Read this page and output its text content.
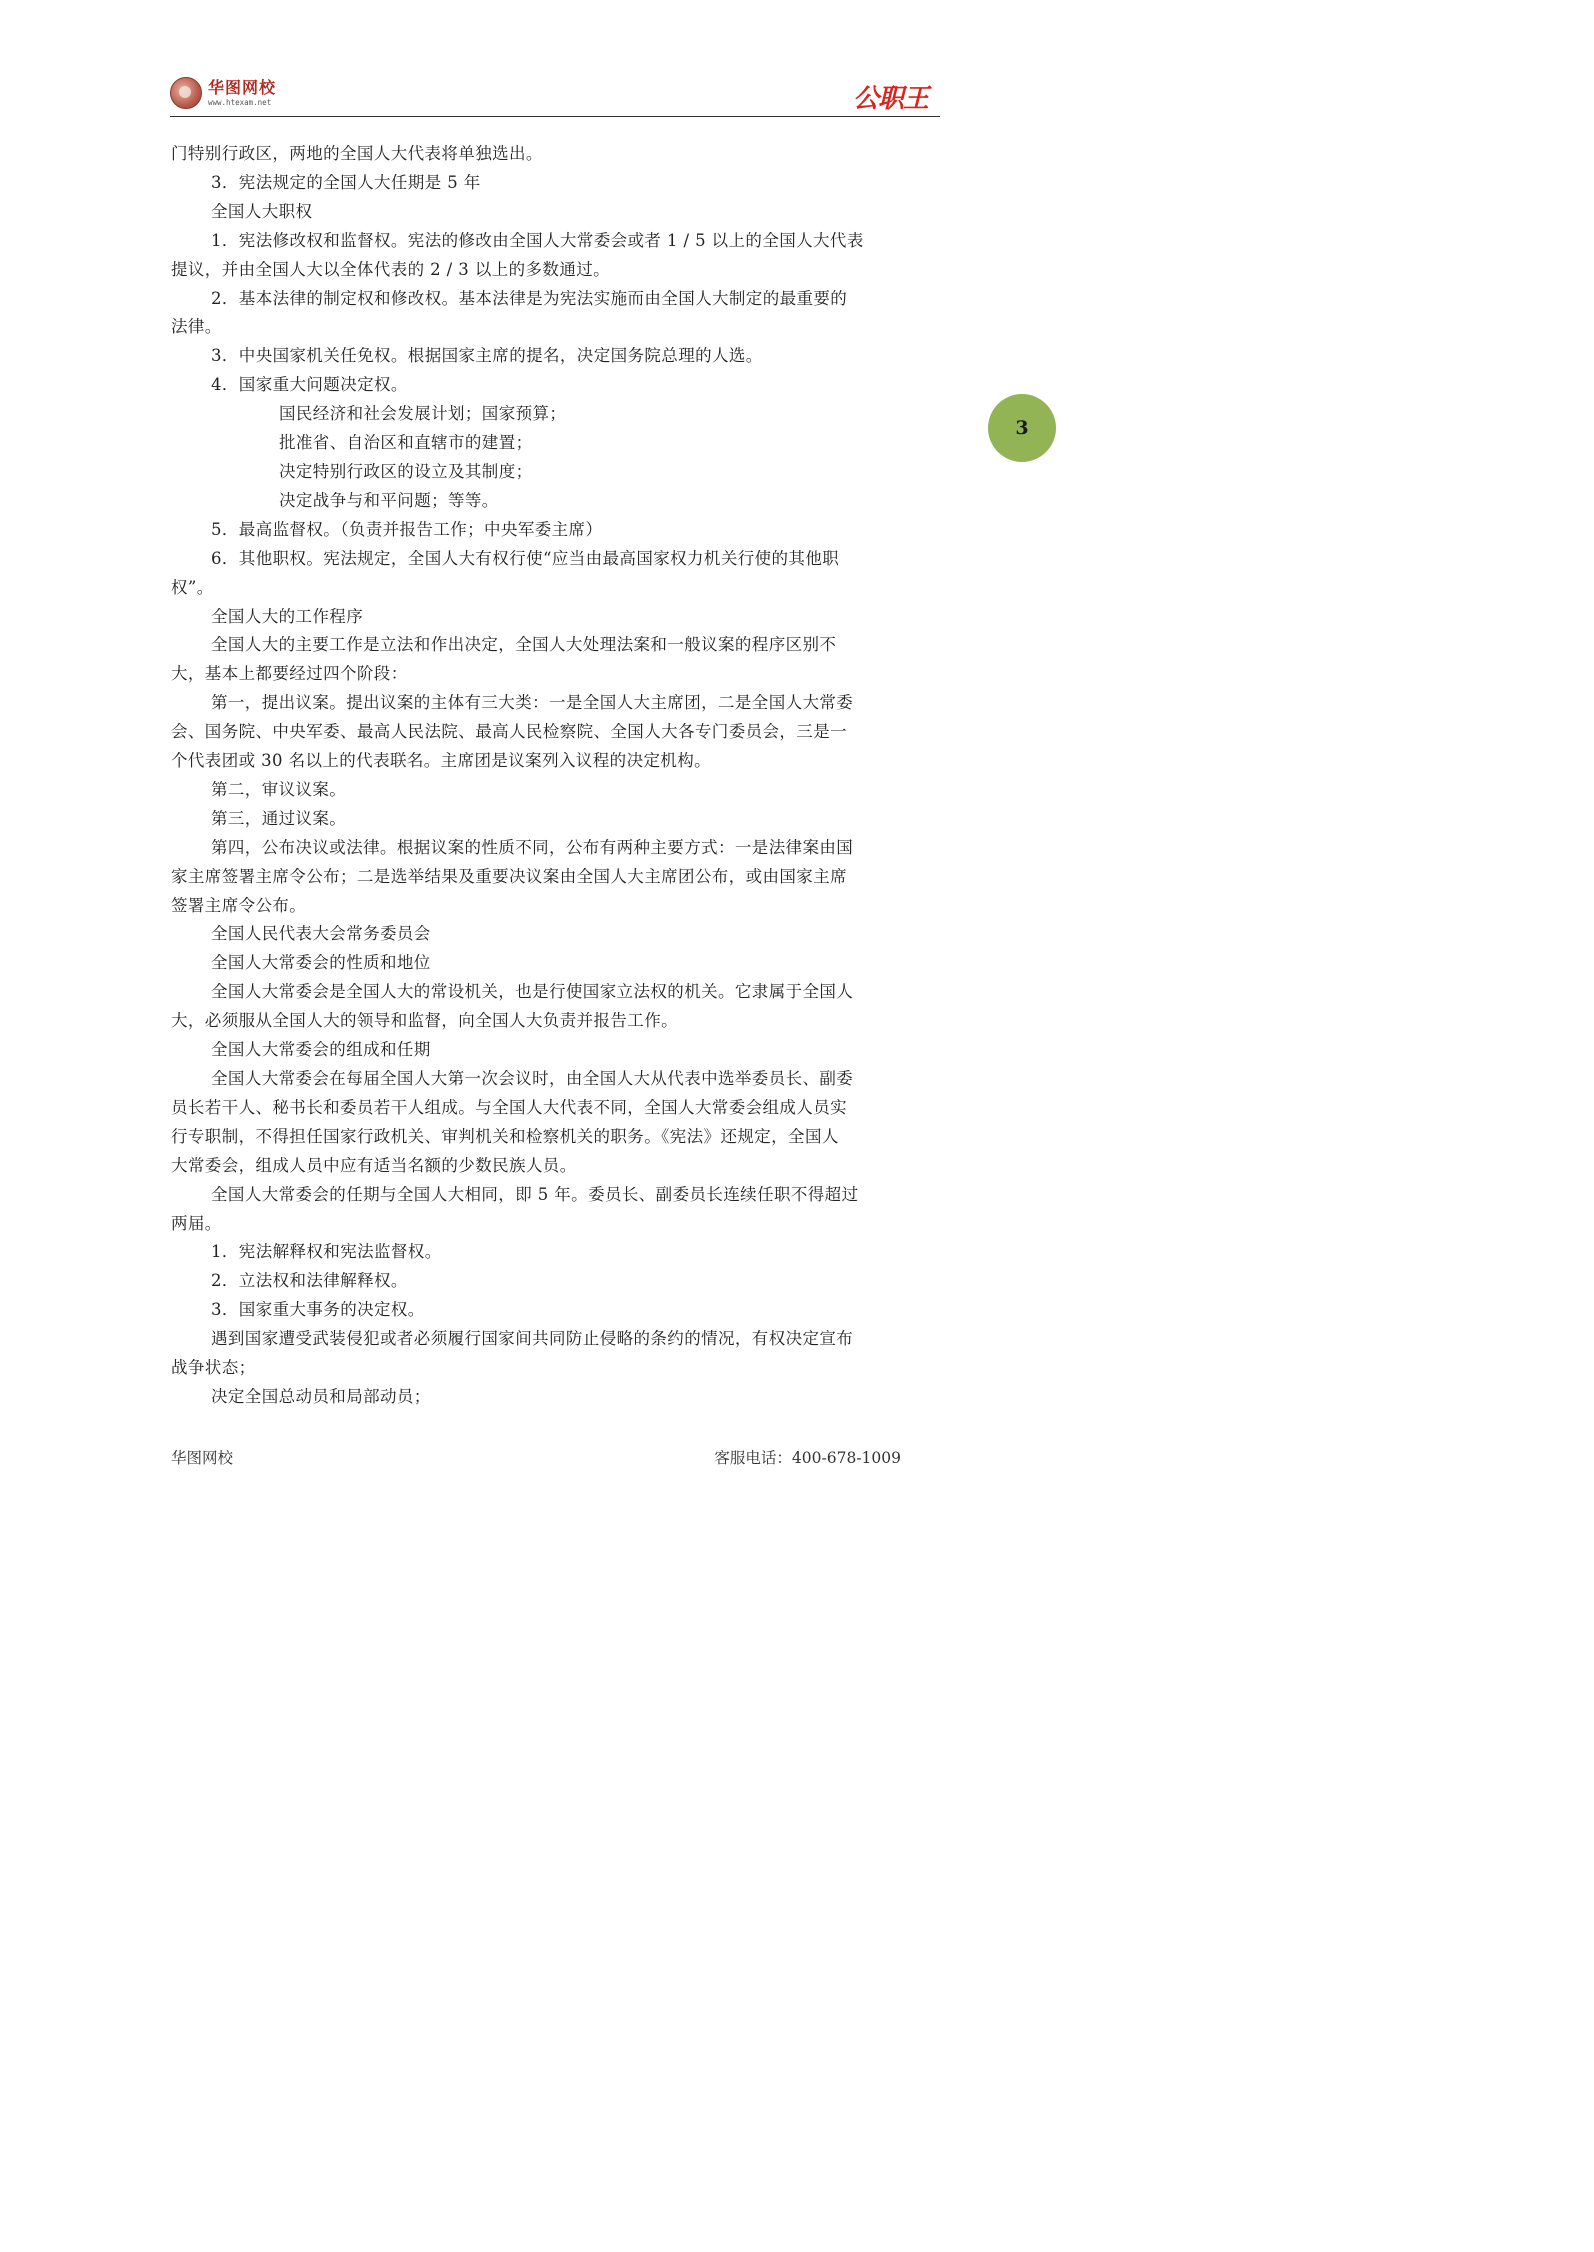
华图网校
www.htexam.net	公职王
3

门特别行政区，两地的全国人大代表将单独选出。

3．宪法规定的全国人大任期是 5 年

全国人大职权

1．宪法修改权和监督权。宪法的修改由全国人大常委会或者 1 / 5 以上的全国人大代表

提议，并由全国人大以全体代表的 2 / 3 以上的多数通过。

2．基本法律的制定权和修改权。基本法律是为宪法实施而由全国人大制定的最重要的

法律。

3．中央国家机关任免权。根据国家主席的提名，决定国务院总理的人选。

4．国家重大问题决定权。

国民经济和社会发展计划；国家预算；

批准省、自治区和直辖市的建置；

决定特别行政区的设立及其制度；

决定战争与和平问题；等等。

5．最高监督权。（负责并报告工作；中央军委主席）

6．其他职权。宪法规定，全国人大有权行使“应当由最高国家权力机关行使的其他职

权”。

全国人大的工作程序

全国人大的主要工作是立法和作出决定，全国人大处理法案和一般议案的程序区别不

大，基本上都要经过四个阶段：

第一，提出议案。提出议案的主体有三大类：一是全国人大主席团，二是全国人大常委

会、国务院、中央军委、最高人民法院、最高人民检察院、全国人大各专门委员会，三是一

个代表团或 30 名以上的代表联名。主席团是议案列入议程的决定机构。

第二，审议议案。

第三，通过议案。

第四，公布决议或法律。根据议案的性质不同，公布有两种主要方式：一是法律案由国

家主席签署主席令公布；二是选举结果及重要决议案由全国人大主席团公布，或由国家主席

签署主席令公布。

全国人民代表大会常务委员会

全国人大常委会的性质和地位

全国人大常委会是全国人大的常设机关，也是行使国家立法权的机关。它隶属于全国人

大，必须服从全国人大的领导和监督，向全国人大负责并报告工作。

全国人大常委会的组成和任期

全国人大常委会在每届全国人大第一次会议时，由全国人大从代表中选举委员长、副委

员长若干人、秘书长和委员若干人组成。与全国人大代表不同，全国人大常委会组成人员实

行专职制，不得担任国家行政机关、审判机关和检察机关的职务。《宪法》还规定，全国人

大常委会，组成人员中应有适当名额的少数民族人员。

全国人大常委会的任期与全国人大相同，即 5 年。委员长、副委员长连续任职不得超过

两届。

1．宪法解释权和宪法监督权。

2．立法权和法律解释权。

3．国家重大事务的决定权。

遇到国家遭受武装侵犯或者必须履行国家间共同防止侵略的条约的情况，有权决定宣布

战争状态；

决定全国总动员和局部动员；

华图网校	客服电话：400-678-1009
